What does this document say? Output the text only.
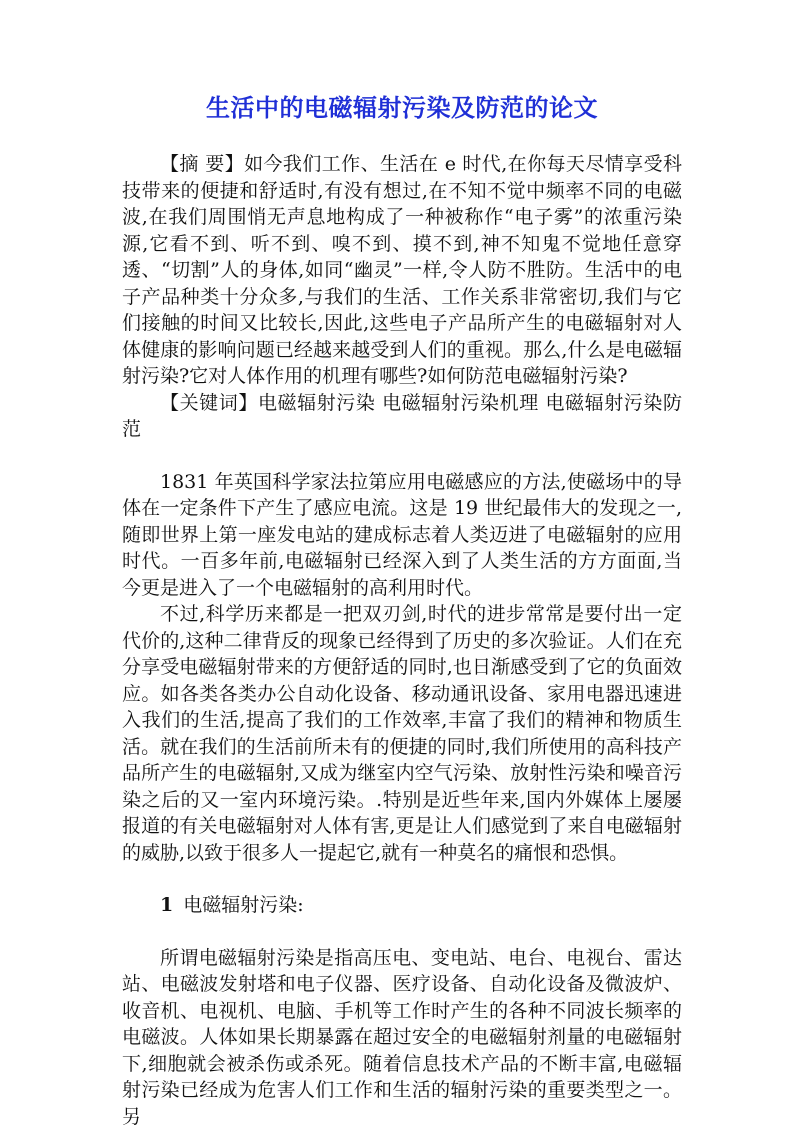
生活中的电磁辐射污染及防范的论文

【摘 要】如今我们工作、生活在 e 时代,在你每天尽情享受科技带来的便捷和舒适时,有没有想过,在不知不觉中频率不同的电磁波,在我们周围悄无声息地构成了一种被称作“电子雾”的浓重污染源,它看不到、听不到、嗅不到、摸不到,神不知鬼不觉地任意穿透、“切割”人的身体,如同“幽灵”一样,令人防不胜防。生活中的电子产品种类十分众多,与我们的生活、工作关系非常密切,我们与它们接触的时间又比较长,因此,这些电子产品所产生的电磁辐射对人体健康的影响问题已经越来越受到人们的重视。那么,什么是电磁辐射污染?它对人体作用的机理有哪些?如何防范电磁辐射污染?

【关键词】电磁辐射污染 电磁辐射污染机理 电磁辐射污染防范

1831 年英国科学家法拉第应用电磁感应的方法,使磁场中的导体在一定条件下产生了感应电流。这是 19 世纪最伟大的发现之一,随即世界上第一座发电站的建成标志着人类迈进了电磁辐射的应用时代。一百多年前,电磁辐射已经深入到了人类生活的方方面面,当今更是进入了一个电磁辐射的高利用时代。

不过,科学历来都是一把双刃剑,时代的进步常常是要付出一定代价的,这种二律背反的现象已经得到了历史的多次验证。人们在充分享受电磁辐射带来的方便舒适的同时,也日渐感受到了它的负面效应。如各类各类办公自动化设备、移动通讯设备、家用电器迅速进入我们的生活,提高了我们的工作效率,丰富了我们的精神和物质生活。就在我们的生活前所未有的便捷的同时,我们所使用的高科技产品所产生的电磁辐射,又成为继室内空气污染、放射性污染和噪音污染之后的又一室内环境污染。.特别是近些年来,国内外媒体上屡屡报道的有关电磁辐射对人体有害,更是让人们感觉到了来自电磁辐射的威胁,以致于很多人一提起它,就有一种莫名的痛恨和恐惧。

1 电磁辐射污染:

所谓电磁辐射污染是指高压电、变电站、电台、电视台、雷达站、电磁波发射塔和电子仪器、医疗设备、自动化设备及微波炉、收音机、电视机、电脑、手机等工作时产生的各种不同波长频率的电磁波。人体如果长期暴露在超过安全的电磁辐射剂量的电磁辐射下,细胞就会被杀伤或杀死。随着信息技术产品的不断丰富,电磁辐射污染已经成为危害人们工作和生活的辐射污染的重要类型之一。另
